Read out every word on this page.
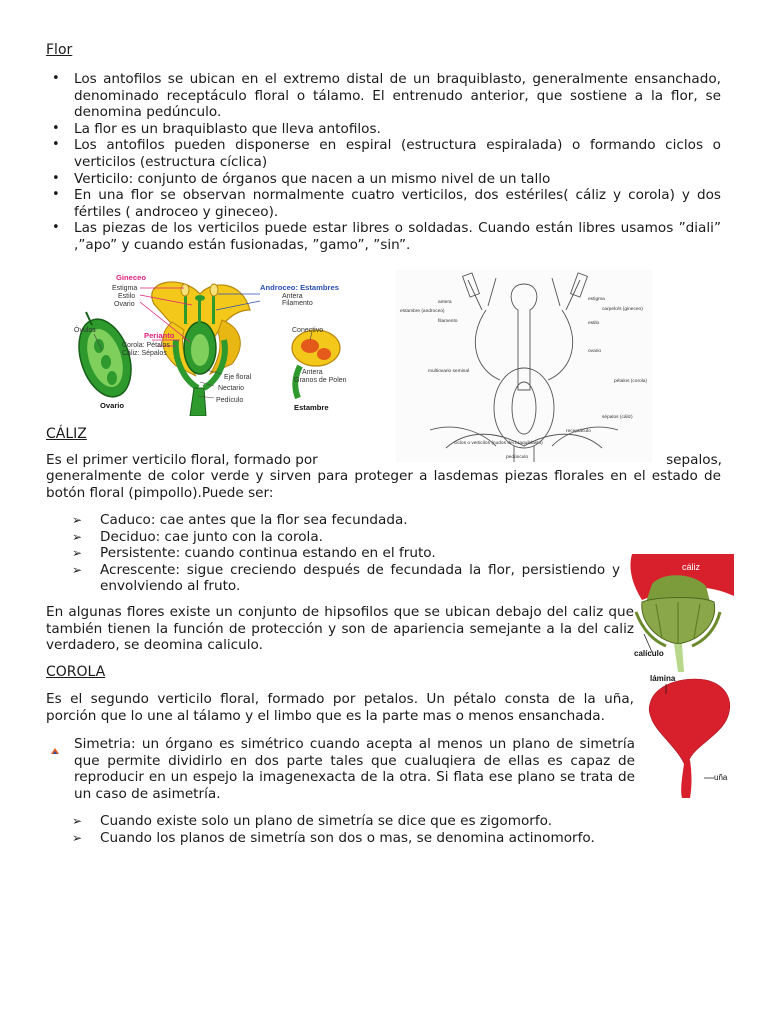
Flor
• Los antofilos se ubican en el extremo distal de un braquiblasto, generalmente ensanchado, denominado receptáculo floral o tálamo. El entrenudo anterior, que sostiene a la flor, se denomina pedúnculo.
• La flor es un braquiblasto que lleva antofilos.
• Los antofilos pueden disponerse en espiral (estructura espiralada) o formando ciclos o verticilos (estructura cíclica)
• Verticilo: conjunto de órganos que nacen a un mismo nivel de un tallo
• En una flor se observan normalmente cuatro verticilos, dos estériles( cáliz y corola) y dos fértiles ( androceo y gineceo).
• Las piezas de los verticilos puede estar libres o soldadas. Cuando están libres usamos ”diali” ,”apo” y cuando están fusionadas, ”gamo”, ”sin”.
Gineceo
Estigma
Estilo
Ovario
Androceo: Estambres
Antera
Filamento
Óvulos
Perianto
Corola: Pétalos
Cáliz: Sépalos
Conectivo
Antera
Granos de Polen
Eje floral
Nectario
Pedículo
Ovario	Estambre
antera
estambre (androceo)
filamento
estigma
carpelo/s (gineceo)
estilo
ovario
multiovario seminal
pétalos (corola)
sépalos (cáliz)
receptáculo
ciclos o verticilos (nudos del braquiblasto)
pedúnculo
CÁLIZ
Es el primer verticilo floral, formado por	sepalos,
generalmente de color verde y sirven para proteger a lasdemas piezas florales en el estado de botón floral (pimpollo).Puede ser:
➢ Caduco: cae antes que la flor sea fecundada.
➢ Deciduo: cae junto con la corola.
➢ Persistente: cuando continua estando en el fruto.
➢ Acrescente: sigue creciendo después de fecundada la flor, persistiendo y envolviendo al fruto.
En algunas flores existe un conjunto de hipsofilos que se ubican debajo del caliz que también tienen la función de protección y son de apariencia semejante a la del caliz verdadero, se deomina caliculo.
cáliz
calículo
COROLA
Es el segundo verticilo floral, formado por petalos. Un pétalo consta de la uña, porción que lo une al tálamo y el limbo que es la parte mas o menos ensanchada.
Simetria: un órgano es simétrico cuando acepta al menos un plano de simetría que permite dividirlo en dos parte tales que cualuqiera de ellas es capaz de reproducir en un espejo la imagenexacta de la otra. Si flata ese plano se trata de un caso de asimetría.
➢ Cuando existe solo un plano de simetría se dice que es zigomorfo.
➢ Cuando los planos de simetría son dos o mas, se denomina actinomorfo.
lámina
uña
